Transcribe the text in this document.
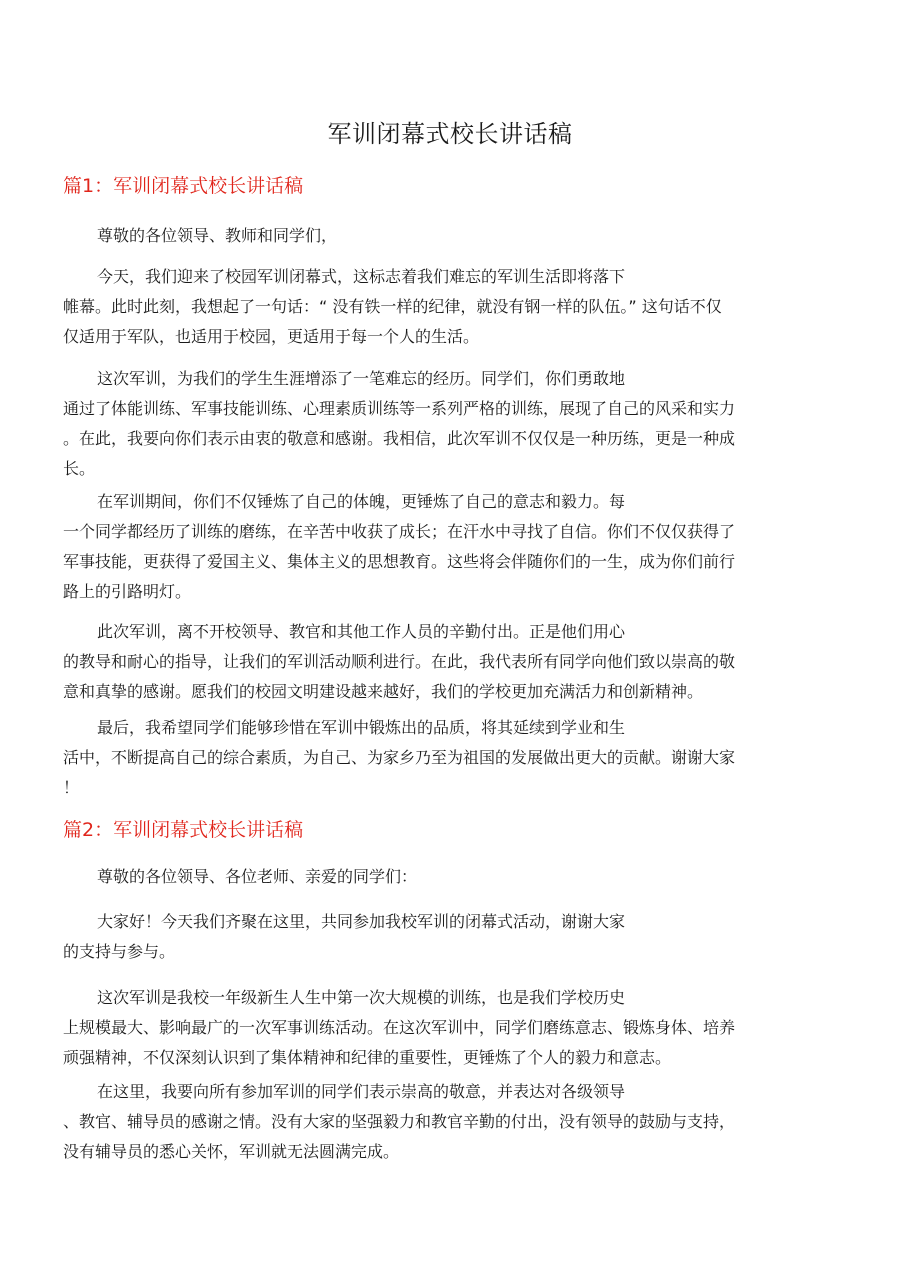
军训闭幕式校长讲话稿
篇1：军训闭幕式校长讲话稿

尊敬的各位领导、教师和同学们，

今天，我们迎来了校园军训闭幕式，这标志着我们难忘的军训生活即将落下
帷幕。此时此刻，我想起了一句话：“ 没有铁一样的纪律，就没有钢一样的队伍。” 这句话不仅
仅适用于军队，也适用于校园，更适用于每一个人的生活。

这次军训，为我们的学生生涯增添了一笔难忘的经历。同学们，你们勇敢地
通过了体能训练、军事技能训练、心理素质训练等一系列严格的训练，展现了自己的风采和实力
。在此，我要向你们表示由衷的敬意和感谢。我相信，此次军训不仅仅是一种历练，更是一种成
长。

在军训期间，你们不仅锤炼了自己的体魄，更锤炼了自己的意志和毅力。每
一个同学都经历了训练的磨练，在辛苦中收获了成长；在汗水中寻找了自信。你们不仅仅获得了
军事技能，更获得了爱国主义、集体主义的思想教育。这些将会伴随你们的一生，成为你们前行
路上的引路明灯。

此次军训，离不开校领导、教官和其他工作人员的辛勤付出。正是他们用心
的教导和耐心的指导，让我们的军训活动顺利进行。在此，我代表所有同学向他们致以崇高的敬
意和真挚的感谢。愿我们的校园文明建设越来越好，我们的学校更加充满活力和创新精神。

最后，我希望同学们能够珍惜在军训中锻炼出的品质，将其延续到学业和生
活中，不断提高自己的综合素质，为自己、为家乡乃至为祖国的发展做出更大的贡献。谢谢大家
！

篇2：军训闭幕式校长讲话稿

尊敬的各位领导、各位老师、亲爱的同学们：

大家好！今天我们齐聚在这里，共同参加我校军训的闭幕式活动，谢谢大家
的支持与参与。

这次军训是我校一年级新生人生中第一次大规模的训练，也是我们学校历史
上规模最大、影响最广的一次军事训练活动。在这次军训中，同学们磨练意志、锻炼身体、培养
顽强精神，不仅深刻认识到了集体精神和纪律的重要性，更锤炼了个人的毅力和意志。

在这里，我要向所有参加军训的同学们表示崇高的敬意，并表达对各级领导
、教官、辅导员的感谢之情。没有大家的坚强毅力和教官辛勤的付出，没有领导的鼓励与支持，
没有辅导员的悉心关怀，军训就无法圆满完成。
